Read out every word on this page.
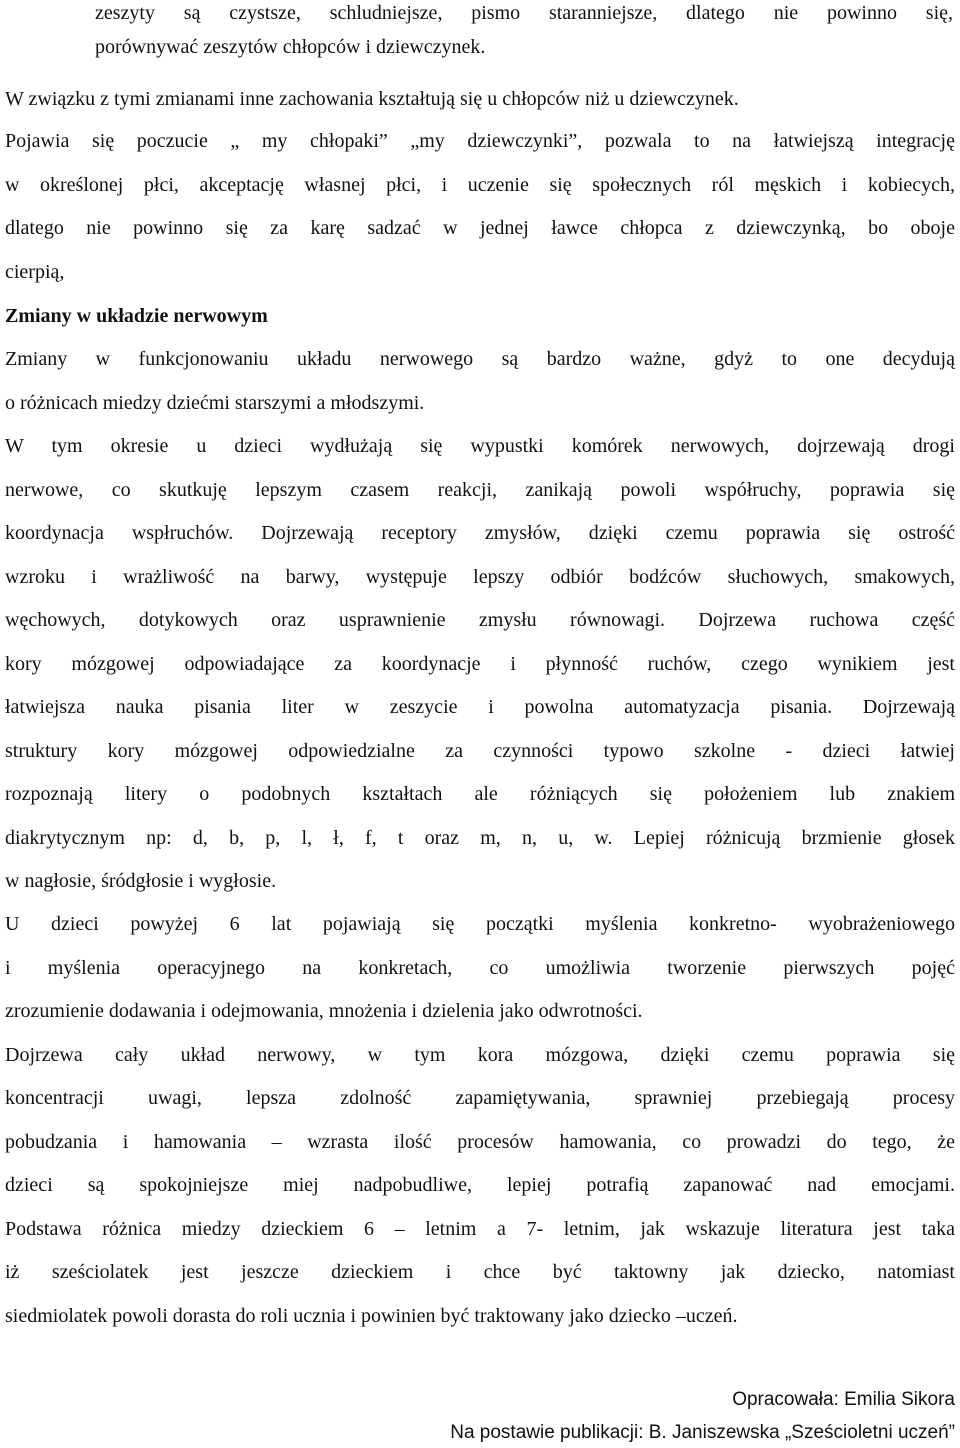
zeszyty są czystsze, schludniejsze, pismo staranniejsze, dlatego nie powinno się,
porównywać zeszytów chłopców i dziewczynek.
W związku z tymi zmianami inne zachowania kształtują się u chłopców niż u dziewczynek.
Pojawia się poczucie „ my chłopaki” „my dziewczynki”, pozwala to na łatwiejszą integrację
w określonej płci, akceptację własnej płci, i uczenie się społecznych ról męskich i kobiecych,
dlatego nie powinno się za karę sadzać w jednej ławce chłopca z dziewczynką, bo oboje
cierpią,
Zmiany w układzie nerwowym
Zmiany w funkcjonowaniu układu nerwowego są bardzo ważne, gdyż to one decydują
o różnicach miedzy dziećmi starszymi a młodszymi.
W tym okresie u dzieci wydłużają się wypustki komórek nerwowych, dojrzewają drogi
nerwowe, co skutkuję lepszym czasem reakcji, zanikają powoli współruchy, poprawia się
koordynacja wspłruchów. Dojrzewają receptory zmysłów, dzięki czemu poprawia się ostrość
wzroku i wrażliwość na barwy, występuje lepszy odbiór bodźców słuchowych, smakowych,
węchowych, dotykowych oraz usprawnienie zmysłu równowagi. Dojrzewa ruchowa część
kory mózgowej odpowiadające za koordynacje i płynność ruchów, czego wynikiem jest
łatwiejsza nauka pisania liter w zeszycie i powolna automatyzacja pisania. Dojrzewają
struktury kory mózgowej odpowiedzialne za czynności typowo szkolne - dzieci łatwiej
rozpoznają litery o podobnych kształtach ale różniących się położeniem lub znakiem
diakrytycznym np: d, b, p, l, ł, f, t oraz m, n, u, w. Lepiej różnicują brzmienie głosek
w nagłosie, śródgłosie i wygłosie.
U dzieci powyżej 6 lat pojawiają się początki myślenia konkretno- wyobrażeniowego
i myślenia operacyjnego na konkretach, co umożliwia tworzenie pierwszych pojęć
zrozumienie dodawania i odejmowania, mnożenia i dzielenia jako odwrotności.
Dojrzewa cały układ nerwowy, w tym kora mózgowa, dzięki czemu poprawia się
koncentracji uwagi, lepsza zdolność zapamiętywania, sprawniej przebiegają procesy
pobudzania i hamowania – wzrasta ilość procesów hamowania, co prowadzi do tego, że
dzieci są spokojniejsze miej nadpobudliwe, lepiej potrafią zapanować nad emocjami.
Podstawa różnica miedzy dzieckiem 6 – letnim a 7- letnim, jak wskazuje literatura jest taka
iż sześciolatek jest jeszcze dzieckiem i chce być taktowny jak dziecko, natomiast
siedmiolatek powoli dorasta do roli ucznia i powinien być traktowany jako dziecko –uczeń.
Opracowała: Emilia Sikora
Na postawie publikacji: B. Janiszewska „Sześcioletni uczeń”
